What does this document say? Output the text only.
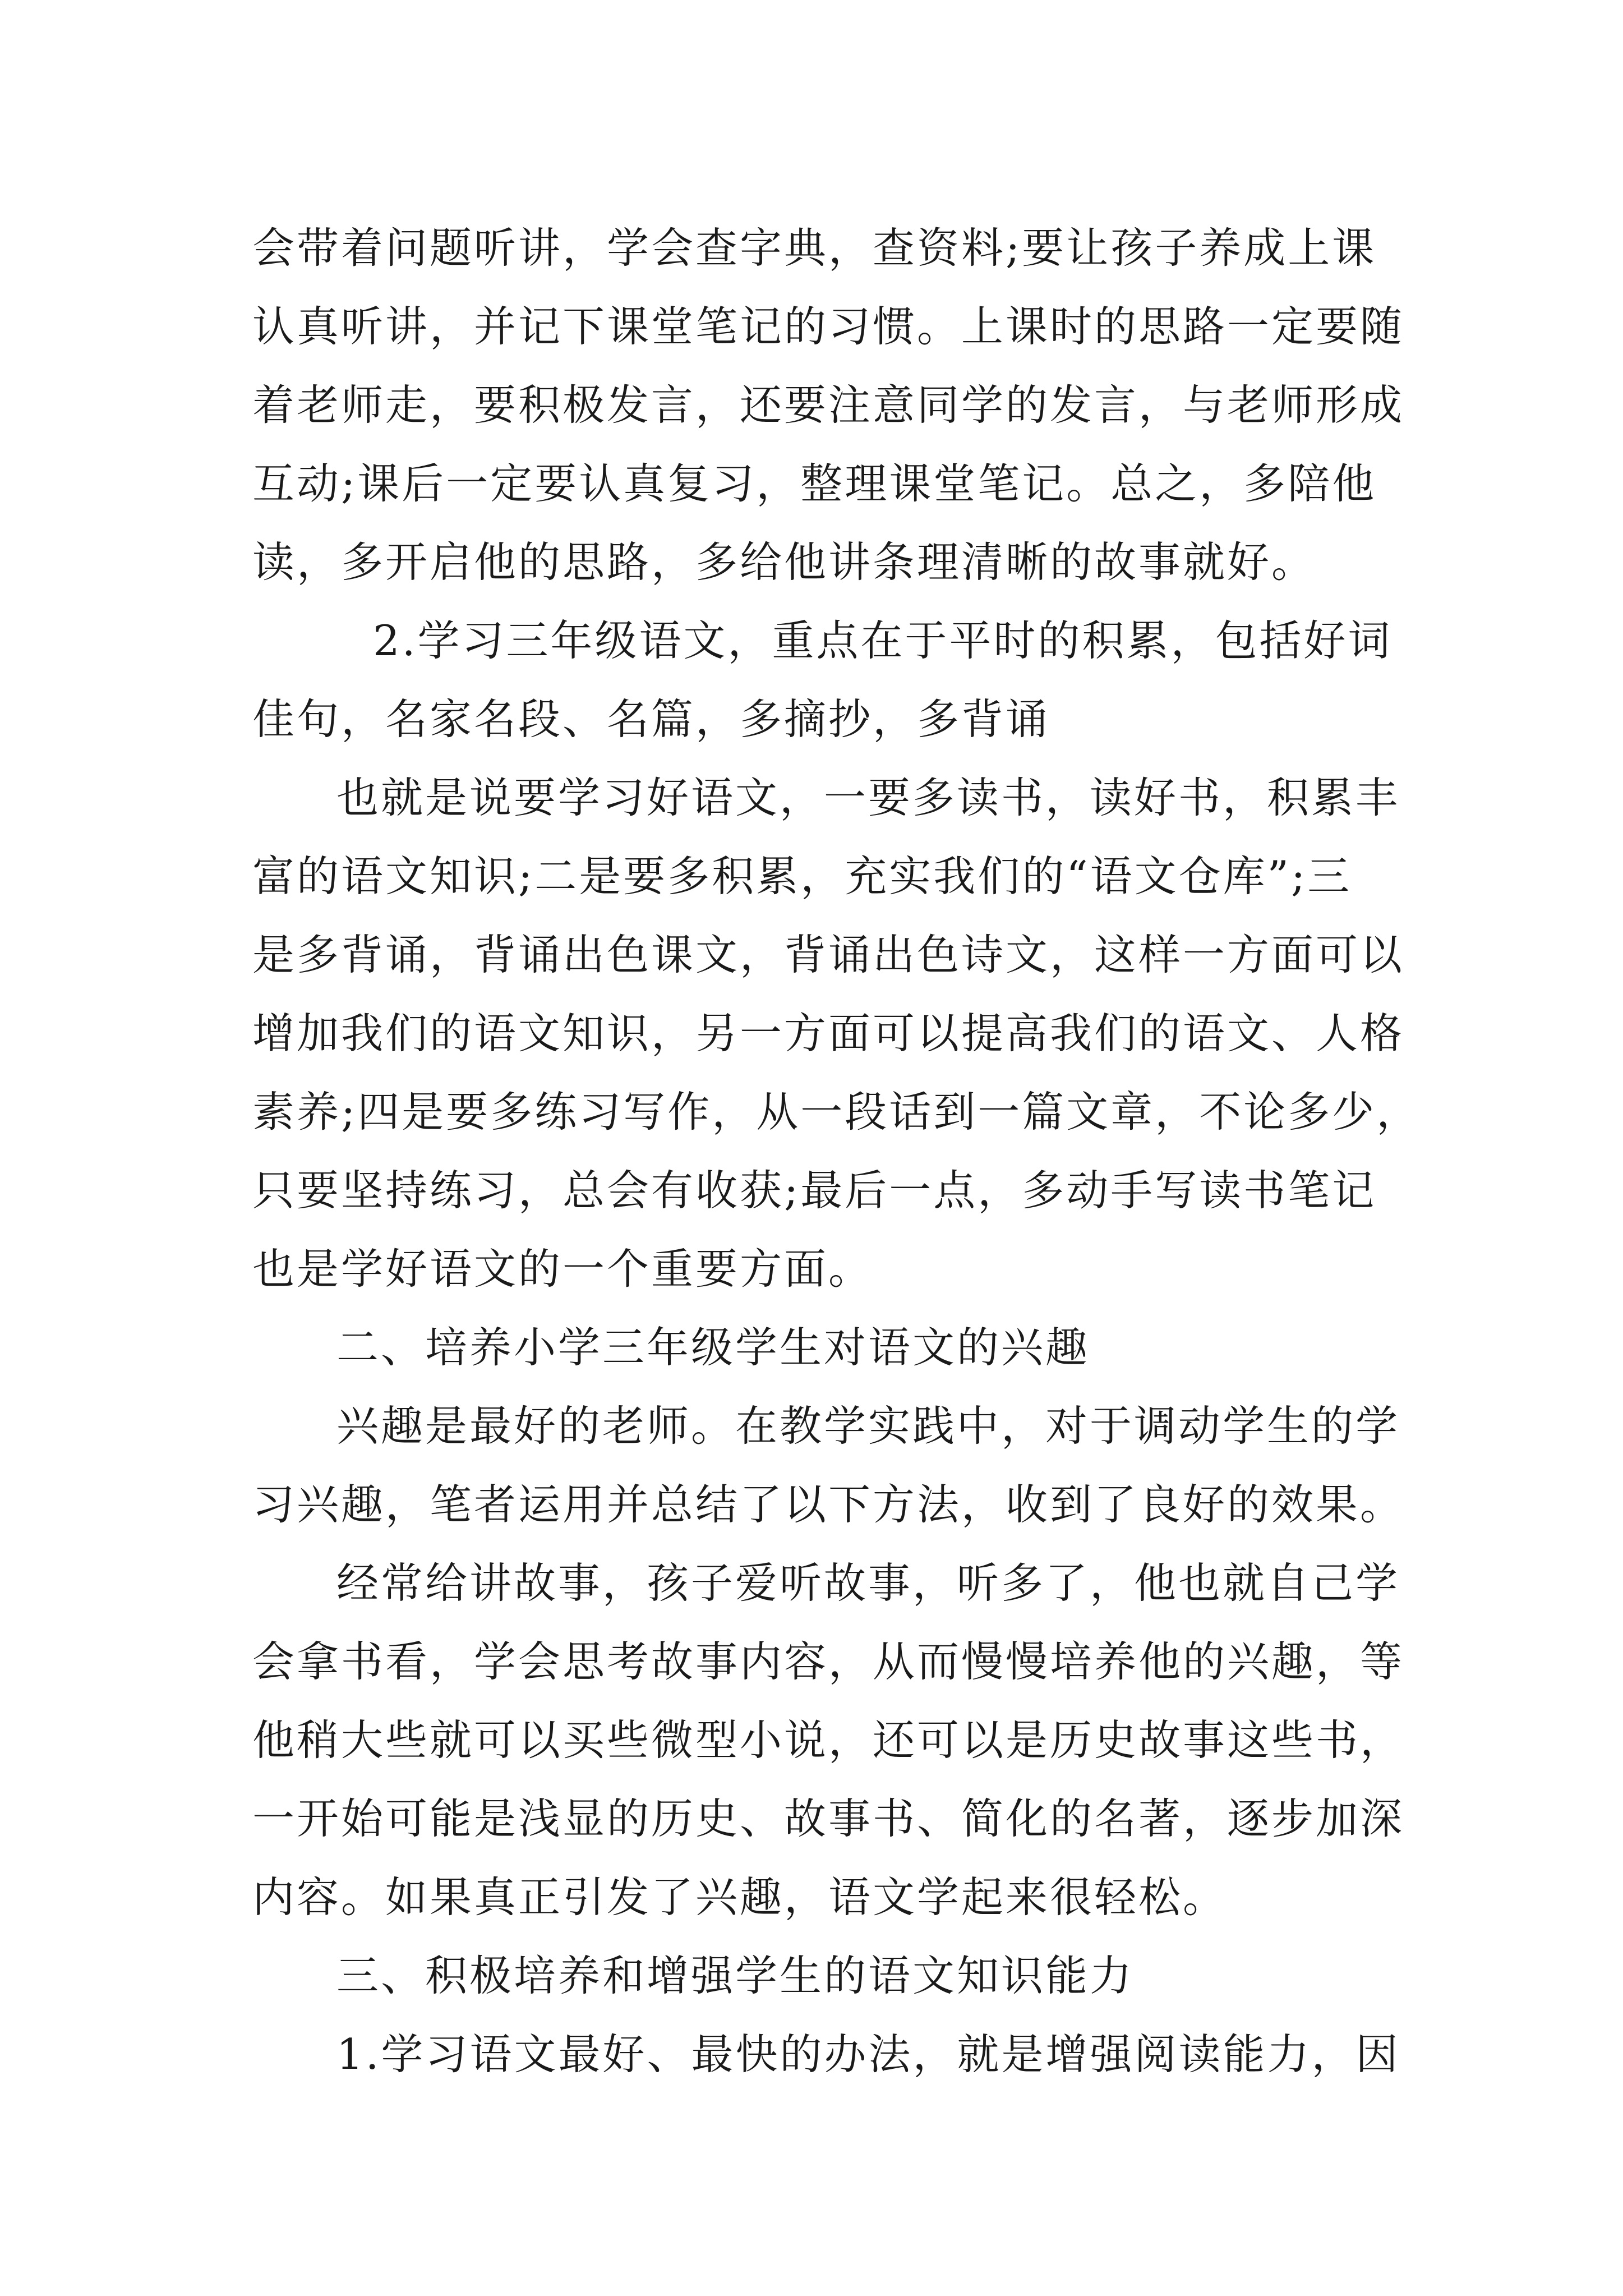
会带着问题听讲，学会查字典，查资料;要让孩子养成上课
认真听讲，并记下课堂笔记的习惯。上课时的思路一定要随
着老师走，要积极发言，还要注意同学的发言，与老师形成
互动;课后一定要认真复习，整理课堂笔记。总之，多陪他
读，多开启他的思路，多给他讲条理清晰的故事就好。
2.学习三年级语文，重点在于平时的积累，包括好词
佳句，名家名段、名篇，多摘抄，多背诵
也就是说要学习好语文，一要多读书，读好书，积累丰
富的语文知识;二是要多积累，充实我们的“语文仓库”;三
是多背诵，背诵出色课文，背诵出色诗文，这样一方面可以
增加我们的语文知识，另一方面可以提高我们的语文、人格
素养;四是要多练习写作，从一段话到一篇文章，不论多少，
只要坚持练习，总会有收获;最后一点，多动手写读书笔记
也是学好语文的一个重要方面。
二、培养小学三年级学生对语文的兴趣
兴趣是最好的老师。在教学实践中，对于调动学生的学
习兴趣，笔者运用并总结了以下方法，收到了良好的效果。
经常给讲故事，孩子爱听故事，听多了，他也就自己学
会拿书看，学会思考故事内容，从而慢慢培养他的兴趣，等
他稍大些就可以买些微型小说，还可以是历史故事这些书，
一开始可能是浅显的历史、故事书、简化的名著，逐步加深
内容。如果真正引发了兴趣，语文学起来很轻松。
三、积极培养和增强学生的语文知识能力
1.学习语文最好、最快的办法，就是增强阅读能力，因
